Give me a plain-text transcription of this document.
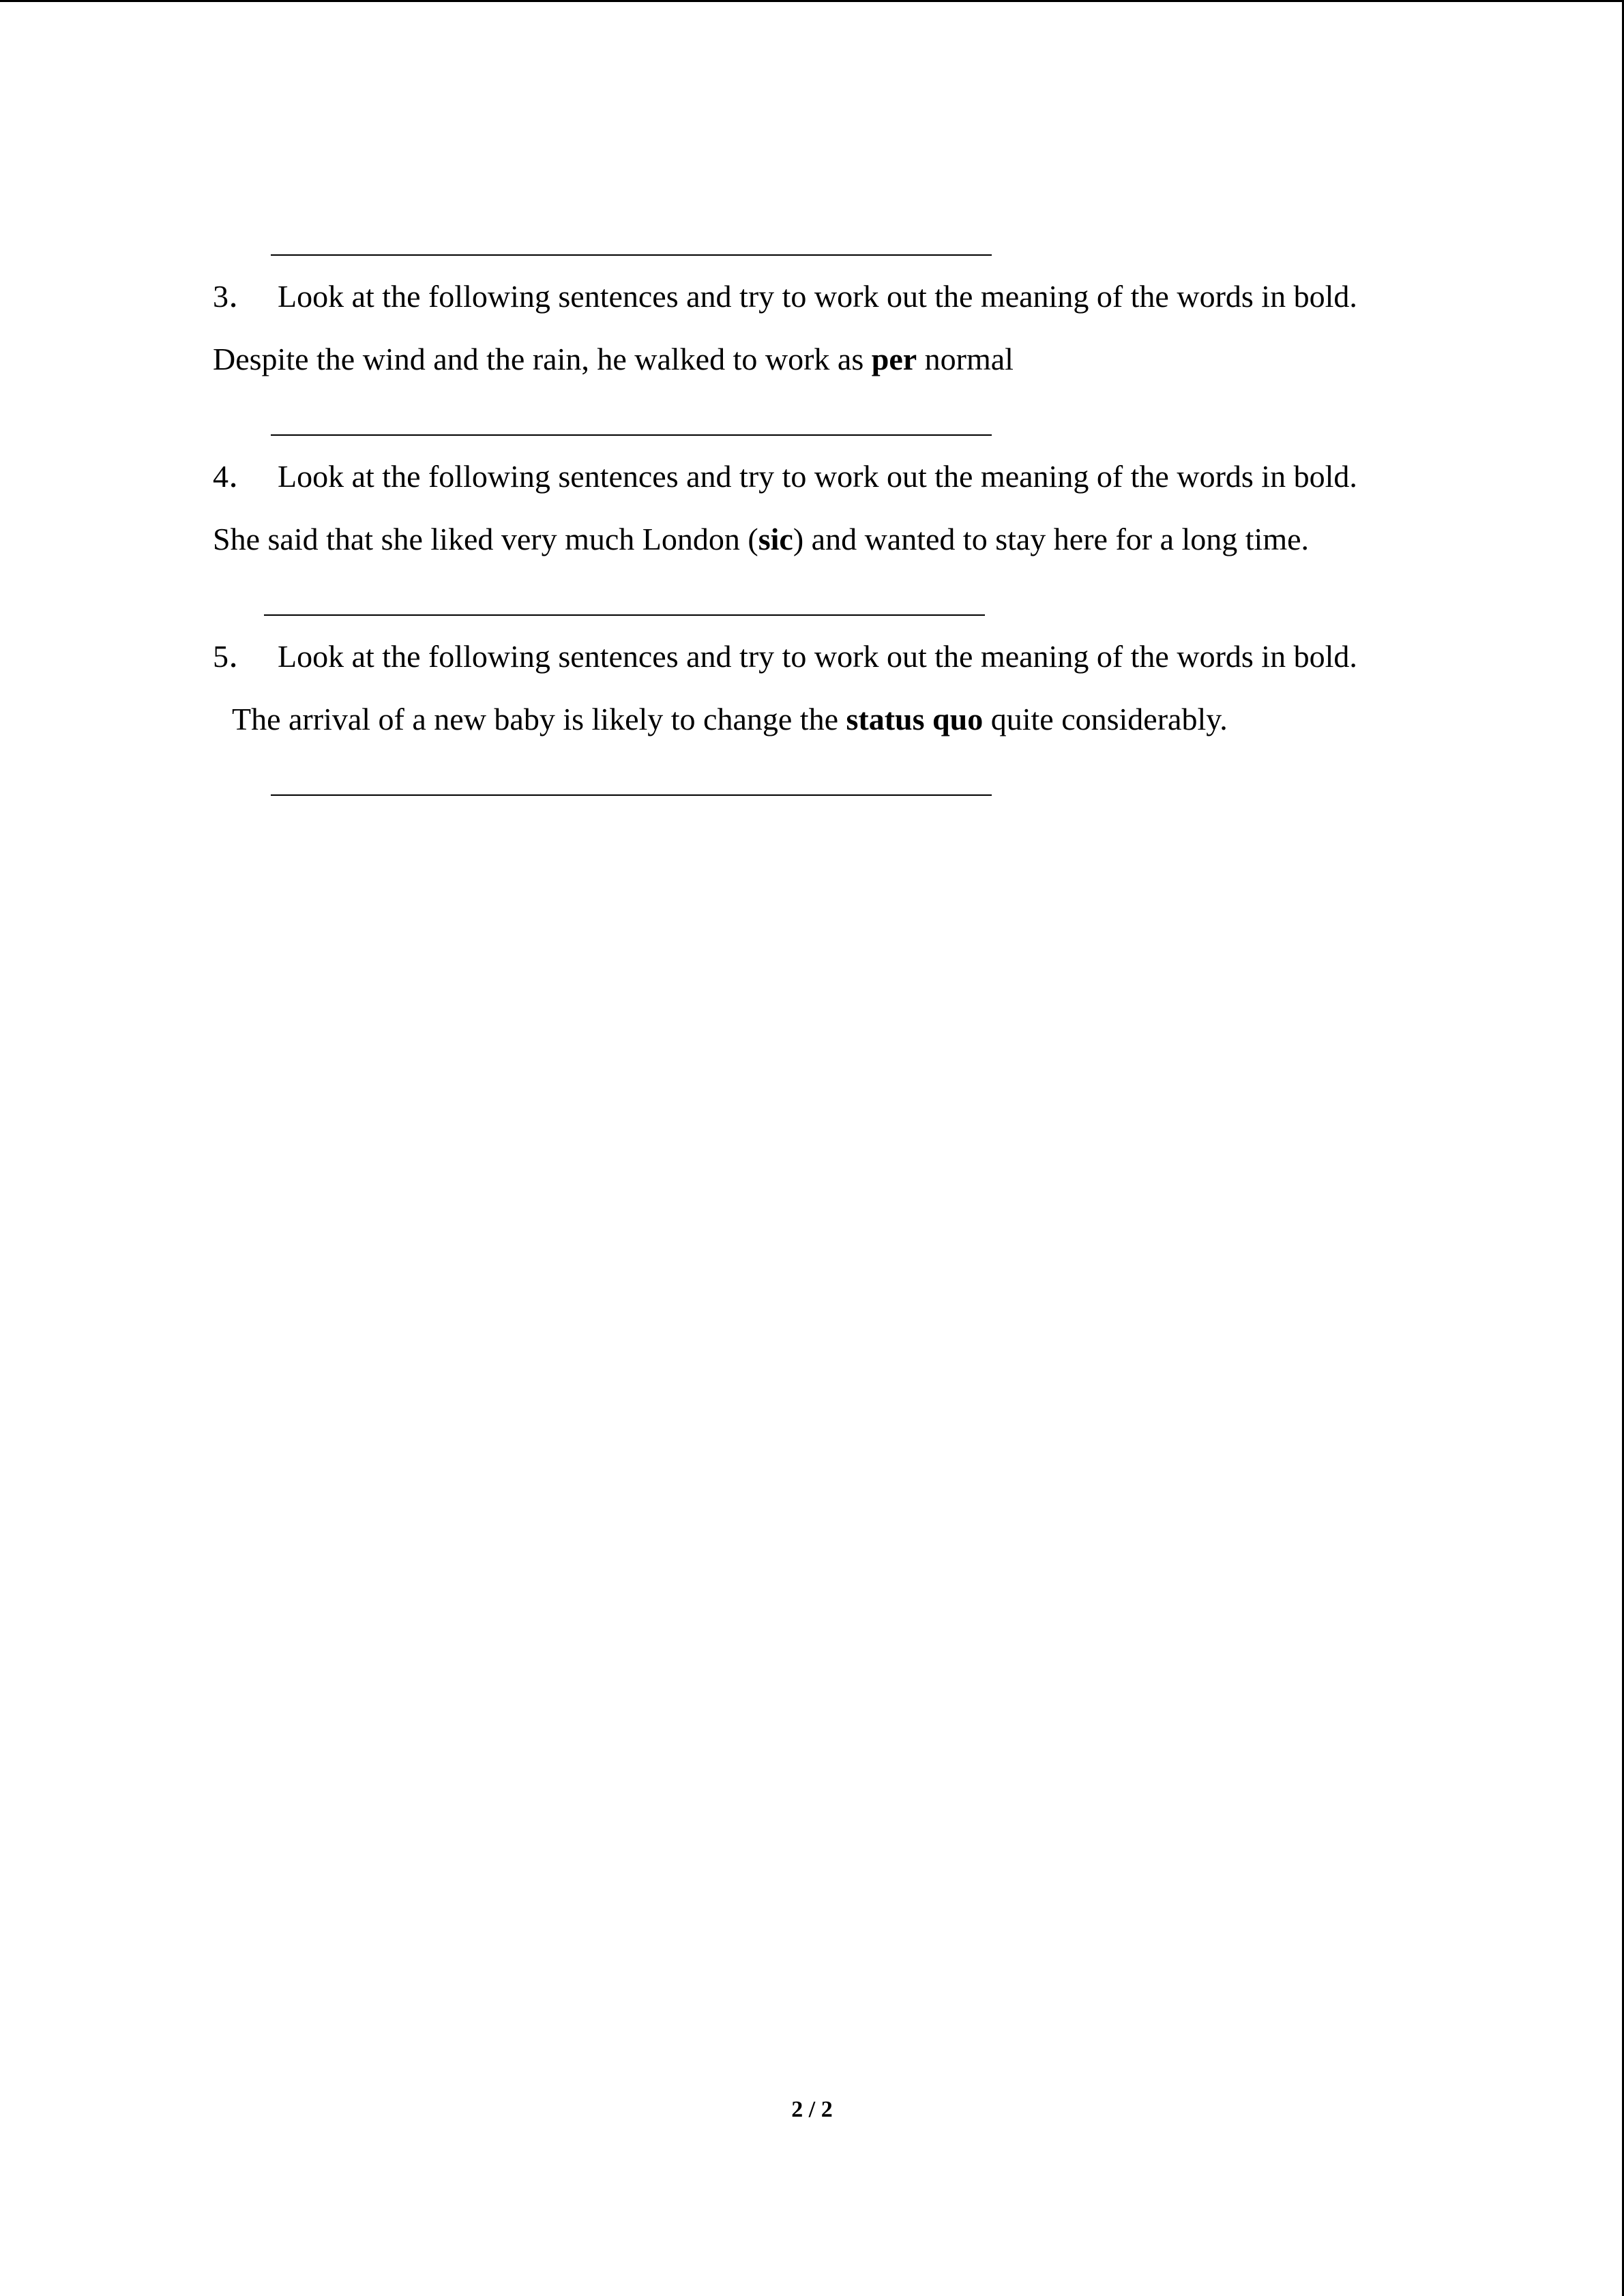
3． Look at the following sentences and try to work out the meaning of the words in bold.
Despite the wind and the rain, he walked to work as per normal
4． Look at the following sentences and try to work out the meaning of the words in bold.
She said that she liked very much London (sic) and wanted to stay here for a long time.
5． Look at the following sentences and try to work out the meaning of the words in bold.
The arrival of a new baby is likely to change the status quo quite considerably.
2 / 2
